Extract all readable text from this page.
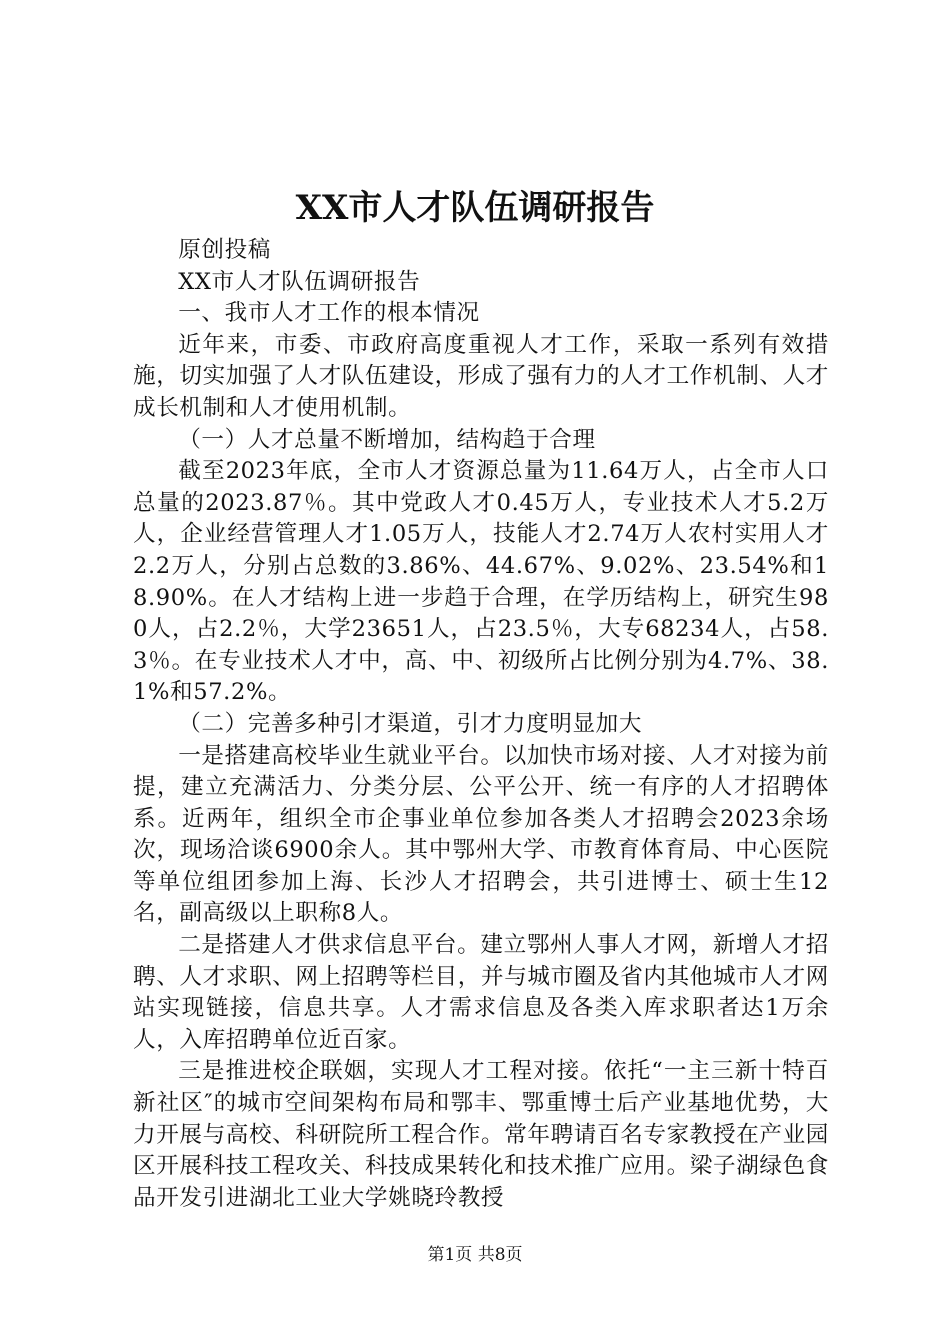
XX市人才队伍调研报告

原创投稿

XX市人才队伍调研报告

一、我市人才工作的根本情况

近年来，市委、市政府高度重视人才工作，采取一系列有效措施，切实加强了人才队伍建设，形成了强有力的人才工作机制、人才成长机制和人才使用机制。

（一）人才总量不断增加，结构趋于合理

截至2023年底，全市人才资源总量为11.64万人，占全市人口总量的2023.87％。其中党政人才0.45万人，专业技术人才5.2万人，企业经营管理人才1.05万人，技能人才2.74万人农村实用人才2.2万人，分别占总数的3.86%、44.67%、9.02%、23.54%和18.90%。在人才结构上进一步趋于合理，在学历结构上，研究生980人，占2.2％，大学23651人，占23.5％，大专68234人，占58.3％。在专业技术人才中，高、中、初级所占比例分别为4.7%、38.1%和57.2%。

（二）完善多种引才渠道，引才力度明显加大

一是搭建高校毕业生就业平台。以加快市场对接、人才对接为前提，建立充满活力、分类分层、公平公开、统一有序的人才招聘体系。近两年，组织全市企事业单位参加各类人才招聘会2023余场次，现场洽谈6900余人。其中鄂州大学、市教育体育局、中心医院等单位组团参加上海、长沙人才招聘会，共引进博士、硕士生12名，副高级以上职称8人。

二是搭建人才供求信息平台。建立鄂州人事人才网，新增人才招聘、人才求职、网上招聘等栏目，并与城市圈及省内其他城市人才网站实现链接，信息共享。人才需求信息及各类入库求职者达1万余人，入库招聘单位近百家。

三是推进校企联姻，实现人才工程对接。依托“一主三新十特百新社区″的城市空间架构布局和鄂丰、鄂重博士后产业基地优势，大力开展与高校、科研院所工程合作。常年聘请百名专家教授在产业园区开展科技工程攻关、科技成果转化和技术推广应用。梁子湖绿色食品开发引进湖北工业大学姚晓玲教授

第1页 共8页
